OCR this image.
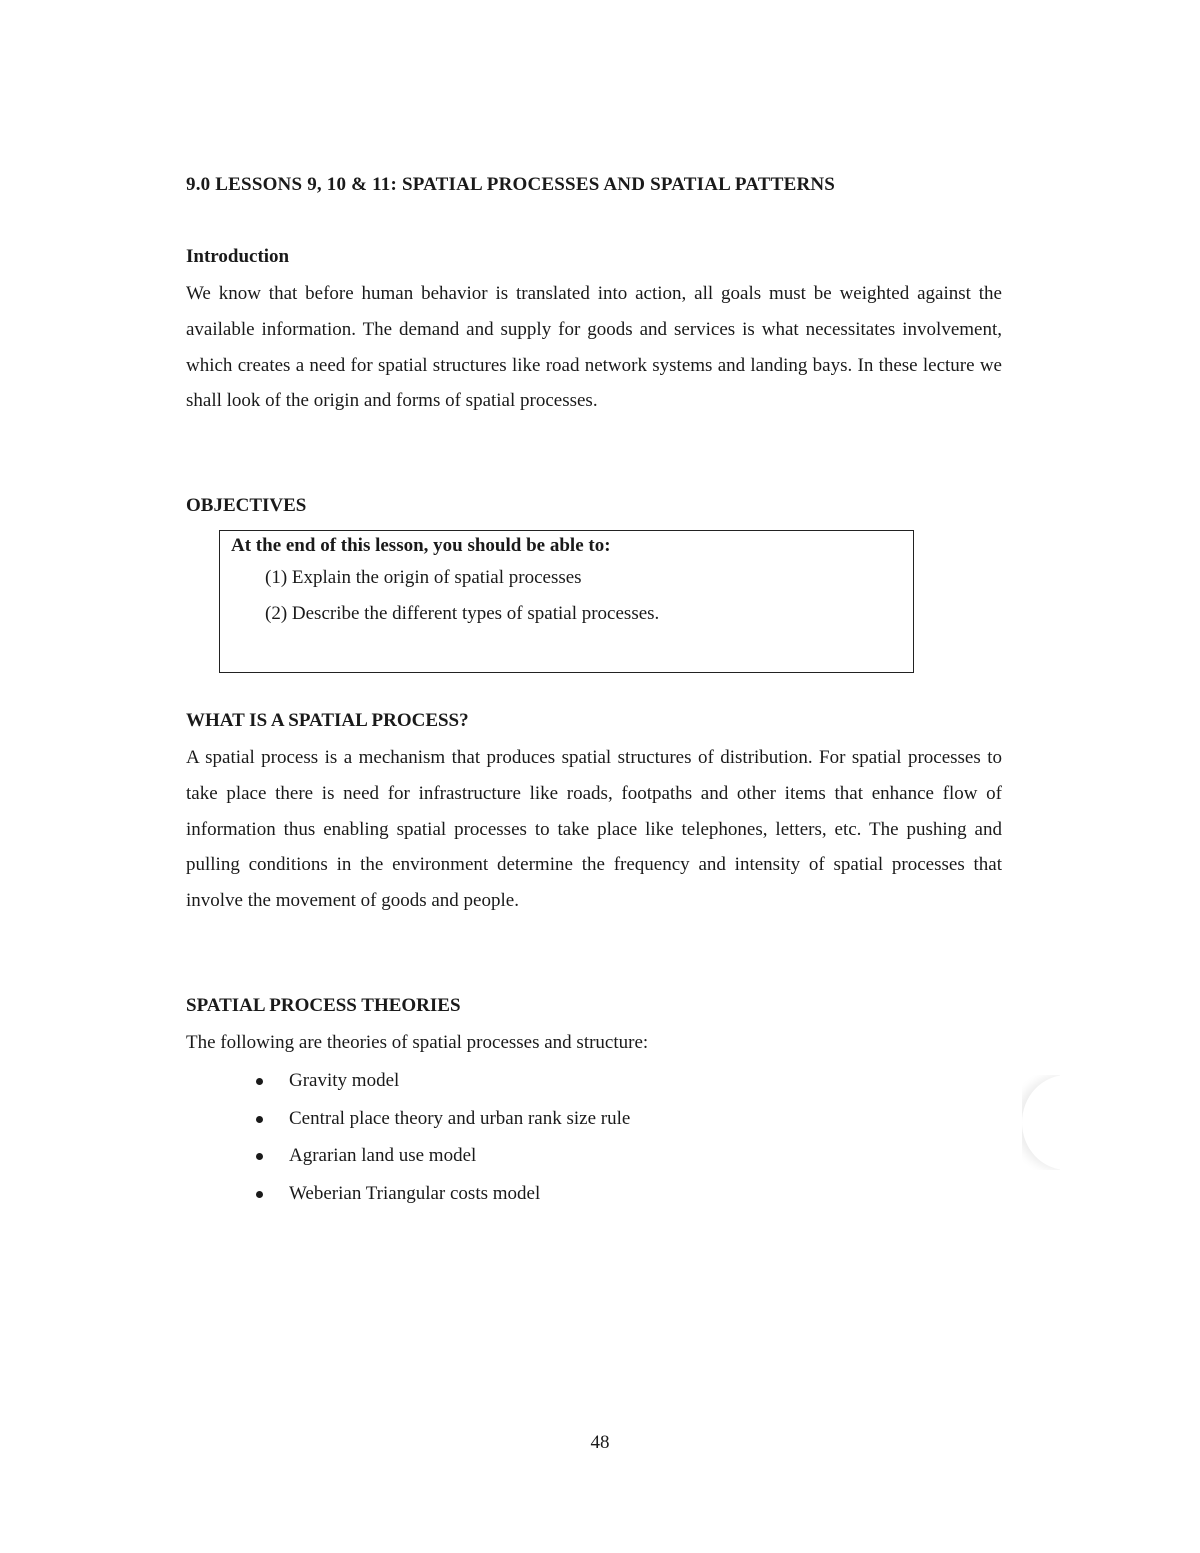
9.0 LESSONS 9, 10 & 11: SPATIAL PROCESSES AND SPATIAL PATTERNS
Introduction

We know that before human behavior is translated into action, all goals must be weighted against the available information. The demand and supply for goods and services is what necessitates involvement, which creates a need for spatial structures like road network systems and landing bays. In these lecture we shall look of the origin and forms of spatial processes.

OBJECTIVES
At the end of this lesson, you should be able to:
(1) Explain the origin of spatial processes
(2) Describe the different types of spatial processes.
WHAT IS A SPATIAL PROCESS?

A spatial process is a mechanism that produces spatial structures of distribution. For spatial processes to take place there is need for infrastructure like roads, footpaths and other items that enhance flow of information thus enabling spatial processes to take place like telephones, letters, etc. The pushing and pulling conditions in the environment determine the frequency and intensity of spatial processes that involve the movement of goods and people.

SPATIAL PROCESS THEORIES

The following are theories of spatial processes and structure:

Gravity model
Central place theory and urban rank size rule
Agrarian land use model
Weberian Triangular costs model
48
